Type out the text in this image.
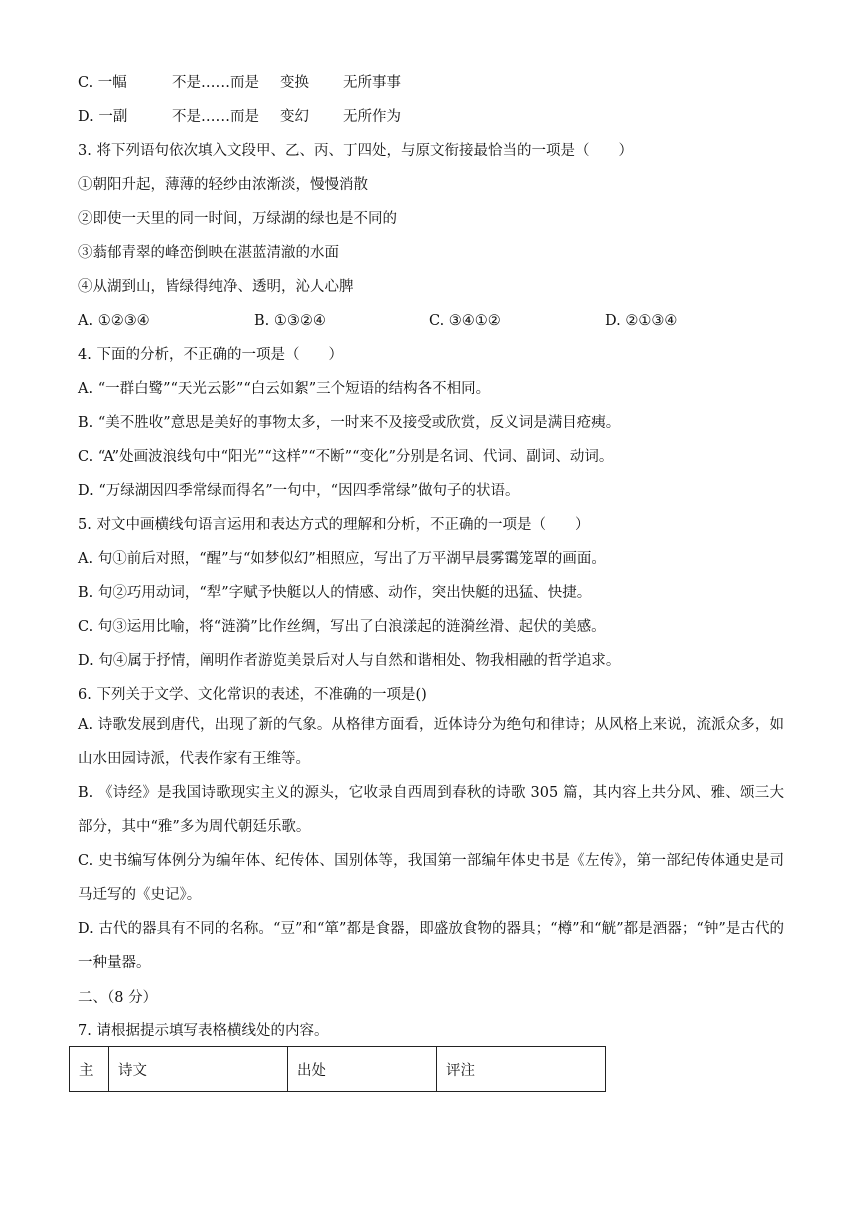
C. 一幅	不是……而是 变换 无所事事
D. 一副	不是……而是 变幻 无所作为
3. 将下列语句依次填入文段甲、乙、丙、丁四处，与原文衔接最恰当的一项是（　　）
①朝阳升起，薄薄的轻纱由浓渐淡，慢慢消散
②即使一天里的同一时间，万绿湖的绿也是不同的
③蓊郁青翠的峰峦倒映在湛蓝清澈的水面
④从湖到山，皆绿得纯净、透明，沁人心脾
A. ①②③④	B. ①③②④	C. ③④①②	D. ②①③④
4. 下面的分析，不正确的一项是（　　）
A. “一群白鹭”“天光云影”“白云如絮”三个短语的结构各不相同。
B. “美不胜收”意思是美好的事物太多，一时来不及接受或欣赏，反义词是满目疮痍。
C. “A”处画波浪线句中“阳光”“这样”“不断”“变化”分别是名词、代词、副词、动词。
D. “万绿湖因四季常绿而得名”一句中，“因四季常绿”做句子的状语。
5. 对文中画横线句语言运用和表达方式的理解和分析，不正确的一项是（　　）
A. 句①前后对照，“醒”与“如梦似幻”相照应，写出了万平湖早晨雾霭笼罩的画面。
B. 句②巧用动词，“犁”字赋予快艇以人的情感、动作，突出快艇的迅猛、快捷。
C. 句③运用比喻，将“涟漪”比作丝绸，写出了白浪漾起的涟漪丝滑、起伏的美感。
D. 句④属于抒情，阐明作者游览美景后对人与自然和谐相处、物我相融的哲学追求。
6. 下列关于文学、文化常识的表述，不准确的一项是()
A. 诗歌发展到唐代，出现了新的气象。从格律方面看，近体诗分为绝句和律诗；从风格上来说，流派众多，如山水田园诗派，代表作家有王维等。
B. 《诗经》是我国诗歌现实主义的源头，它收录自西周到春秋的诗歌 305 篇，其内容上共分风、雅、颂三大部分，其中“雅”多为周代朝廷乐歌。
C. 史书编写体例分为编年体、纪传体、国别体等，我国第一部编年体史书是《左传》，第一部纪传体通史是司马迁写的《史记》。
D. 古代的器具有不同的名称。“豆”和“箪”都是食器，即盛放食物的器具；“樽”和“觥”都是酒器；“钟”是古代的一种量器。
二、（8 分）
7. 请根据提示填写表格横线处的内容。
主	诗文	出处	评注
